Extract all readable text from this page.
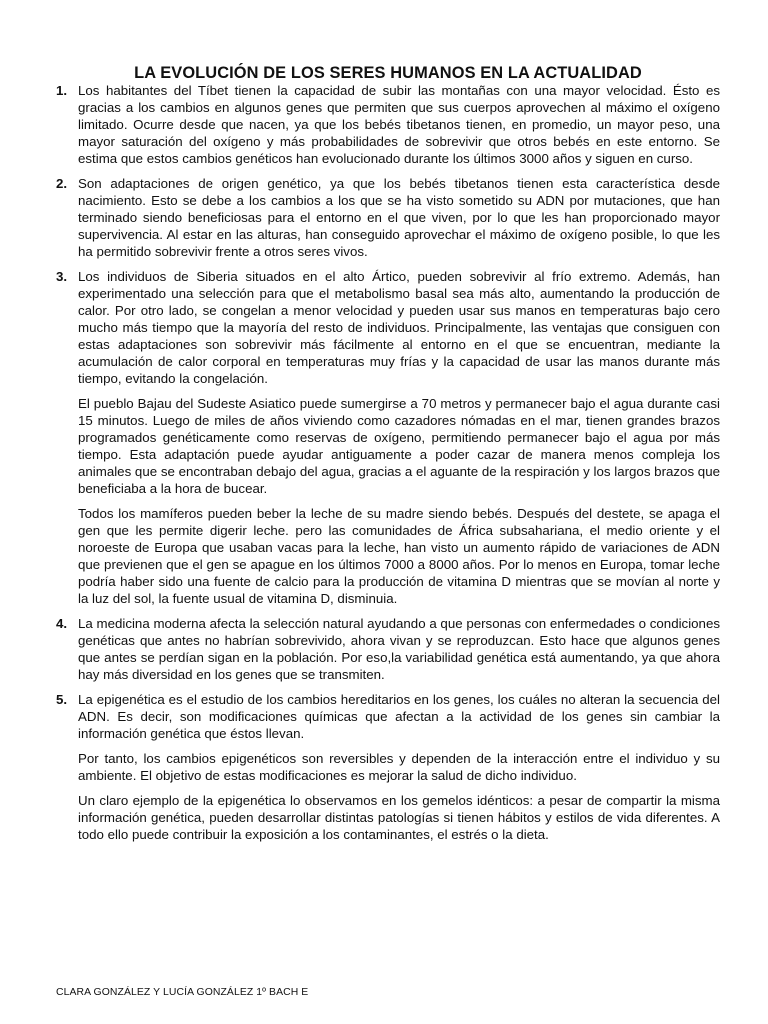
LA EVOLUCIÓN DE LOS SERES HUMANOS EN LA ACTUALIDAD
1. Los habitantes del Tíbet tienen la capacidad de subir las montañas con una mayor velocidad. Ésto es gracias a los cambios en algunos genes que permiten que sus cuerpos aprovechen al máximo el oxígeno limitado. Ocurre desde que nacen, ya que los bebés tibetanos tienen, en promedio, un mayor peso, una mayor saturación del oxígeno y más probabilidades de sobrevivir que otros bebés en este entorno. Se estima que estos cambios genéticos han evolucionado durante los últimos 3000 años y siguen en curso.

2. Son adaptaciones de origen genético, ya que los bebés tibetanos tienen esta característica desde nacimiento. Esto se debe a los cambios a los que se ha visto sometido su ADN por mutaciones, que han terminado siendo beneficiosas para el entorno en el que viven, por lo que les han proporcionado mayor supervivencia. Al estar en las alturas, han conseguido aprovechar el máximo de oxígeno posible, lo que les ha permitido sobrevivir frente a otros seres vivos.

3. Los individuos de Siberia situados en el alto Ártico, pueden sobrevivir al frío extremo. Además, han experimentado una selección para que el metabolismo basal sea más alto, aumentando la producción de calor. Por otro lado, se congelan a menor velocidad y pueden usar sus manos en temperaturas bajo cero mucho más tiempo que la mayoría del resto de individuos. Principalmente, las ventajas que consiguen con estas adaptaciones son sobrevivir más fácilmente al entorno en el que se encuentran, mediante la acumulación de calor corporal en temperaturas muy frías y la capacidad de usar las manos durante más tiempo, evitando la congelación.

El pueblo Bajau del Sudeste Asiatico puede sumergirse a 70 metros y permanecer bajo el agua durante casi 15 minutos. Luego de miles de años viviendo como cazadores nómadas en el mar, tienen grandes brazos programados genéticamente como reservas de oxígeno, permitiendo permanecer bajo el agua por más tiempo. Esta adaptación puede ayudar antiguamente a poder cazar de manera menos compleja los animales que se encontraban debajo del agua, gracias a el aguante de la respiración y los largos brazos que beneficiaba a la hora de bucear.

Todos los mamíferos pueden beber la leche de su madre siendo bebés. Después del destete, se apaga el gen que les permite digerir leche. pero las comunidades de África subsahariana, el medio oriente y el noroeste de Europa que usaban vacas para la leche, han visto un aumento rápido de variaciones de ADN que previenen que el gen se apague en los últimos 7000 a 8000 años. Por lo menos en Europa, tomar leche podría haber sido una fuente de calcio para la producción de vitamina D mientras que se movían al norte y la luz del sol, la fuente usual de vitamina D, disminuia.

4. La medicina moderna afecta la selección natural ayudando a que personas con enfermedades o condiciones genéticas que antes no habrían sobrevivido, ahora vivan y se reproduzcan. Esto hace que algunos genes que antes se perdían sigan en la población. Por eso,la variabilidad genética está aumentando, ya que ahora hay más diversidad en los genes que se transmiten.

5. La epigenética es el estudio de los cambios hereditarios en los genes, los cuáles no alteran la secuencia del ADN. Es decir, son modificaciones químicas que afectan a la actividad de los genes sin cambiar la información genética que éstos llevan.

Por tanto, los cambios epigenéticos son reversibles y dependen de la interacción entre el individuo y su ambiente. El objetivo de estas modificaciones es mejorar la salud de dicho individuo.

Un claro ejemplo de la epigenética lo observamos en los gemelos idénticos: a pesar de compartir la misma información genética, pueden desarrollar distintas patologías si tienen hábitos y estilos de vida diferentes. A todo ello puede contribuir la exposición a los contaminantes, el estrés o la dieta.

CLARA GONZÁLEZ Y LUCÍA GONZÁLEZ 1º BACH E
